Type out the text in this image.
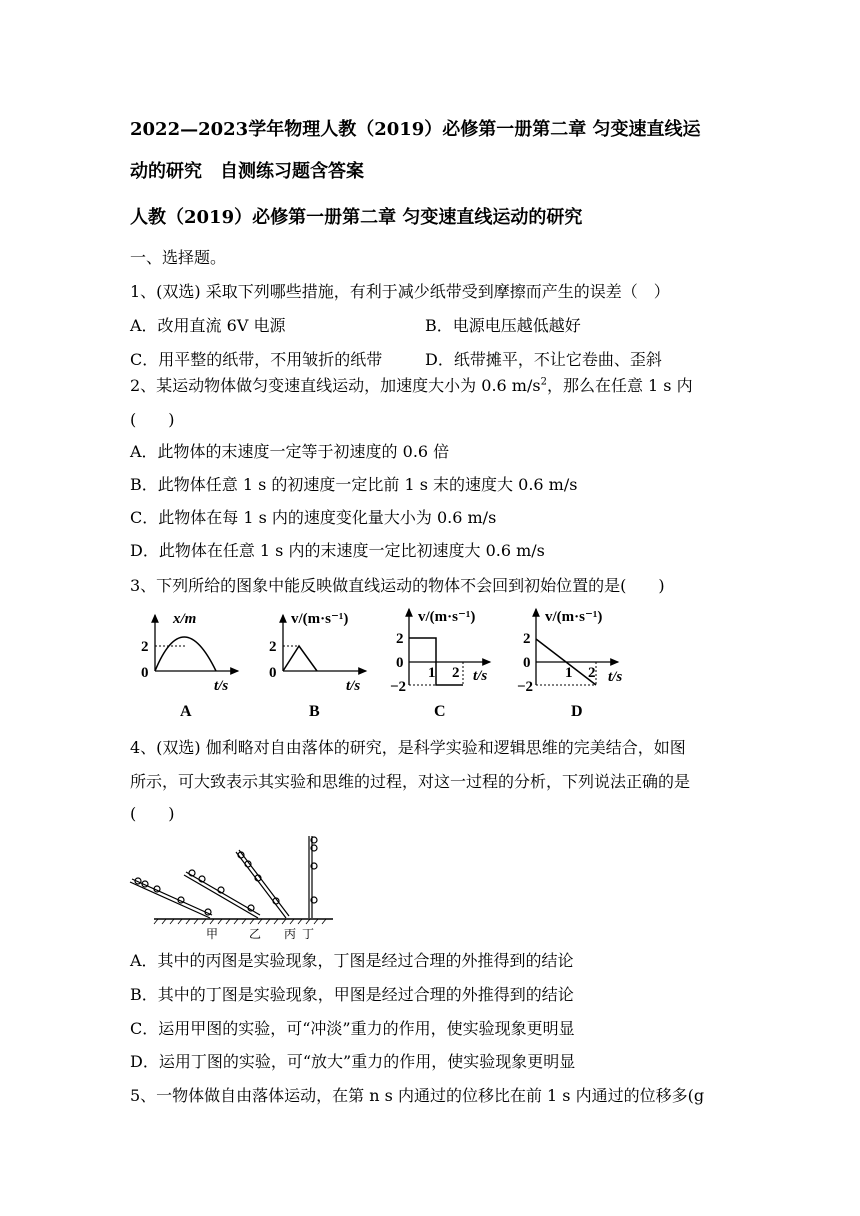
2022—2023学年物理人教（2019）必修第一册第二章 匀变速直线运
动的研究　自测练习题含答案
人教（2019）必修第一册第二章 匀变速直线运动的研究
一、选择题。
1、(双选) 采取下列哪些措施，有利于减少纸带受到摩擦而产生的误差（　）
A．改用直流 6V 电源	B．电源电压越低越好
C．用平整的纸带，不用皱折的纸带	D．纸带摊平，不让它卷曲、歪斜
2、某运动物体做匀变速直线运动，加速度大小为 0.6 $m/s^2$，那么在任意 1 s 内
(　　)
A．此物体的末速度一定等于初速度的 0.6 倍
B．此物体任意 1 s 的初速度一定比前 1 s 末的速度大 0.6 m/s
C．此物体在每 1 s 内的速度变化量大小为 0.6 m/s
D．此物体在任意 1 s 内的末速度一定比初速度大 0.6 m/s
3、下列所给的图象中能反映做直线运动的物体不会回到初始位置的是(　　)
x/m
2
0
t/s
A
v/(m·s⁻¹)
2
0
t/s
B
v/(m·s⁻¹)
2
0
−2
1 2 t/s
C
v/(m·s⁻¹)
2
0
−2
1 2 t/s
D
4、(双选) 伽利略对自由落体的研究，是科学实验和逻辑思维的完美结合，如图
所示，可大致表示其实验和思维的过程，对这一过程的分析，下列说法正确的是
(　　)
甲	乙 丙 丁
A．其中的丙图是实验现象，丁图是经过合理的外推得到的结论
B．其中的丁图是实验现象，甲图是经过合理的外推得到的结论
C．运用甲图的实验，可“冲淡”重力的作用，使实验现象更明显
D．运用丁图的实验，可“放大”重力的作用，使实验现象更明显
5、一物体做自由落体运动，在第 n s 内通过的位移比在前 1 s 内通过的位移多(g
